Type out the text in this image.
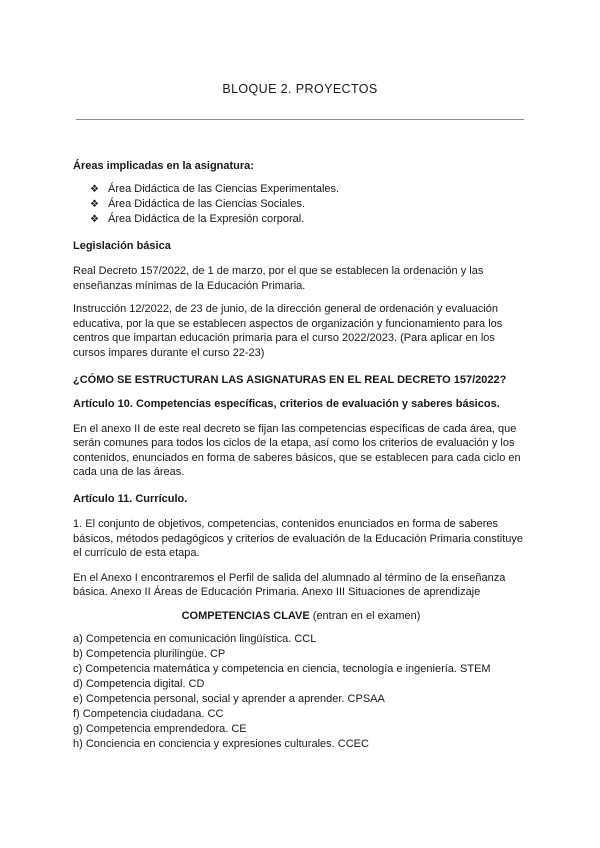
BLOQUE 2. PROYECTOS

Áreas implicadas en la asignatura:

❖ Área Didáctica de las Ciencias Experimentales.
❖ Área Didáctica de las Ciencias Sociales.
❖ Área Didáctica de la Expresión corporal.

Legislación básica

Real Decreto 157/2022, de 1 de marzo, por el que se establecen la ordenación y las enseñanzas mínimas de la Educación Primaria.

Instrucción 12/2022, de 23 de junio, de la dirección general de ordenación y evaluación educativa, por la que se establecen aspectos de organización y funcionamiento para los centros que impartan educación primaria para el curso 2022/2023. (Para aplicar en los cursos impares durante el curso 22-23)

¿CÓMO SE ESTRUCTURAN LAS ASIGNATURAS EN EL REAL DECRETO 157/2022?

Artículo 10. Competencias específicas, criterios de evaluación y saberes básicos.

En el anexo II de este real decreto se fijan las competencias específicas de cada área, que serán comunes para todos los ciclos de la etapa, así como los criterios de evaluación y los contenidos, enunciados en forma de saberes básicos, que se establecen para cada ciclo en cada una de las áreas.

Artículo 11. Currículo.

1. El conjunto de objetivos, competencias, contenidos enunciados en forma de saberes básicos, métodos pedagógicos y criterios de evaluación de la Educación Primaria constituye el currículo de esta etapa.

En el Anexo I encontraremos el Perfil de salida del alumnado al término de la enseñanza básica. Anexo II Áreas de Educación Primaria. Anexo III Situaciones de aprendizaje

COMPETENCIAS CLAVE (entran en el examen)

a) Competencia en comunicación lingüística. CCL
b) Competencia plurilingüe. CP
c) Competencia matemática y competencia en ciencia, tecnología e ingeniería. STEM
d) Competencia digital. CD
e) Competencia personal, social y aprender a aprender. CPSAA
f) Competencia ciudadana. CC
g) Competencia emprendedora. CE
h) Conciencia en conciencia y expresiones culturales. CCEC
